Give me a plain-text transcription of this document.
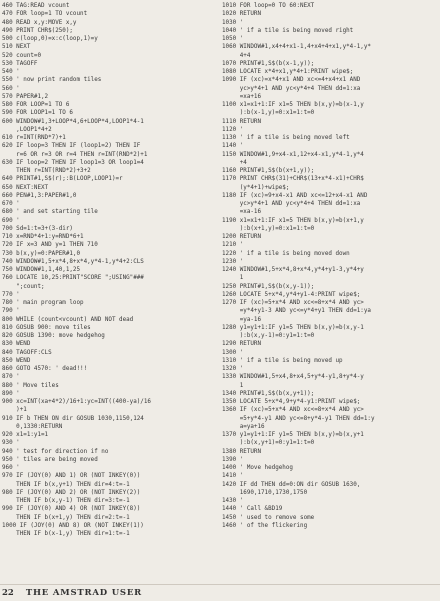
460 TAG:READ vcount
470 FOR loop=1 TO vcount
480 READ x,y:MOVE x,y
490 PRINT CHR$(250);
500 c(loop,0)=x:c(loop,1)=y
510 NEXT
520 count=0
530 TAGOFF
540 '
550 ' now print random tiles
560 '
570 PAPER#1,2
580 FOR LOOP=1 TO 6
590 FOR LOOP1=1 TO 6
600 WINDOW#1,3+LOOP*4,6+LOOP*4,LOOP1*4-1
,LOOP1*4+2
610 r=INT(RND*7)+1
620 IF loop=3 THEN IF (loop1=2) THEN IF
r=6 OR r=3 OR r=4 THEN r=INT(RND*2)+1
630 IF loop=2 THEN IF loop1=3 OR loop1=4
THEN r=INT(RND*2)+3+2
640 PRINT#1,S$(r);:B(LOOP,LOOP1)=r
650 NEXT:NEXT
660 PEN#1,3:PAPER#1,0
670 '
680 ' and set starting tile
690 '
700 Sd=1:t=3+(3-dir)
710 x=RND*4+1:y=RND*6+1
720 IF x=3 AND y=1 THEN 710
730 b(x,y)=0:PAPER#1,0
740 WINDOW#1,5+x*4,8+x*4,y*4-1,y*4+2:CLS
750 WINDOW#1,1,40,1,25
760 LOCATE 10,25:PRINT"SCORE ";USING"###
";count;
770 '
780 ' main program loop
790 '
800 WHILE (count<vcount) AND NOT dead
810 GOSUB 900: move tiles
820 GOSUB 1390: move hedgehog
830 WEND
840 TAGOFF:CLS
850 WEND
860 GOTO 4570: ' dead!!!
870 '
880 ' Move tiles
890 '
900 xc=INT(xa+4*2)/16+1:yc=INT((400-ya)/16
)+1
910 IF b THEN ON dir GOSUB 1030,1150,124
0,1330:RETURN
920 x1=1:y1=1
930 '
940 ' test for direction if no
950 ' tiles are being moved
960 '
970 IF (JOY(0) AND 1) OR (NOT INKEY(0))
THEN IF b(x,y+1) THEN dir=4:t=-1
980 IF (JOY(0) AND 2) OR (NOT INKEY(2))
THEN IF b(x,y-1) THEN dir=3:t=-1
990 IF (JOY(0) AND 4) OR (NOT INKEY(8))
THEN IF b(x+1,y) THEN dir=2:t=-1
1000 IF (JOY(0) AND 8) OR (NOT INKEY(1))
THEN IF b(x-1,y) THEN dir=1:t=-1
1010 FOR loop=0 TO 60:NEXT
1020 RETURN
1030 '
1040 ' if a tile is being moved right
1050 '
1060 WINDOW#1,x4+4+x1-1,4+x4+4+x1,y*4-1,y*
4+4
1070 PRINT#1,S$(b(x-1,y));
1080 LOCATE x*4+x1,y*4+1:PRINT wipe$;
1090 IF (xc)=x*4+x1 AND xc<=4+x4+x1 AND
yc>y*4+1 AND yc<y*4+4 THEN dd=1:xa
=xa+16
1100 x1=x1+1:IF x1=5 THEN b(x,y)=b(x-1,y
):b(x-1,y)=0:x1=1:t=0
1110 RETURN
1120 '
1130 ' if a tile is being moved left
1140 '
1150 WINDOW#1,9+x4-x1,12+x4-x1,y*4-1,y*4
+4
1160 PRINT#1,S$(b(x+1,y));
1170 PRINT CHR$(31)+CHR$(13+x*4-x1)+CHR$
(y*4+1)+wipe$;
1180 IF (xc)=9+x4-x1 AND xc<=12+x4-x1 AND
yc>y*4+1 AND yc<y*4+4 THEN dd=1:xa
=xa-16
1190 x1=x1+1:IF x1=5 THEN b(x,y)=b(x+1,y
):b(x+1,y)=0:x1=1:t=0
1200 RETURN
1210 '
1220 ' if a tile is being moved down
1230 '
1240 WINDOW#1,5+x*4,8+x*4,y*4+y1-3,y*4+y
1
1250 PRINT#1,S$(b(x,y-1));
1260 LOCATE 5+x*4,y*4+y1-4:PRINT wipe$;
1270 IF (xc)=5+x*4 AND xc<=8+x*4 AND yc>
=y*4+y1-3 AND yc<=y*4+y1 THEN dd=1:ya
=ya-16
1280 y1=y1+1:IF y1=5 THEN b(x,y)=b(x,y-1
):b(x,y-1)=0:y1=1:t=0
1290 RETURN
1300 '
1310 ' if a tile is being moved up
1320 '
1330 WINDOW#1,5+x4,8+x4,5+y*4-y1,8+y*4-y
1
1340 PRINT#1,S$(b(x,y+1));
1350 LOCATE 5+x*4,9+y*4-y1:PRINT wipe$;
1360 IF (xc)=5+x*4 AND xc<=8+x*4 AND yc>
=5+y*4-y1 AND yc<=8+y*4-y1 THEN dd=1:y
a=ya+16
1370 y1=y1+1:IF y1=5 THEN b(x,y)=b(x,y+1
):b(x,y+1)=0:y1=1:t=0
1380 RETURN
1390 '
1400 ' Move hedgehog
1410 '
1420 IF dd THEN dd=0:ON dir GOSUB 1630,
1690,1710,1730,1750
1430 '
1440 ' Call &BD19
1450 ' used to remove some
1460 ' of the flickering
22 THE AMSTRAD USER
